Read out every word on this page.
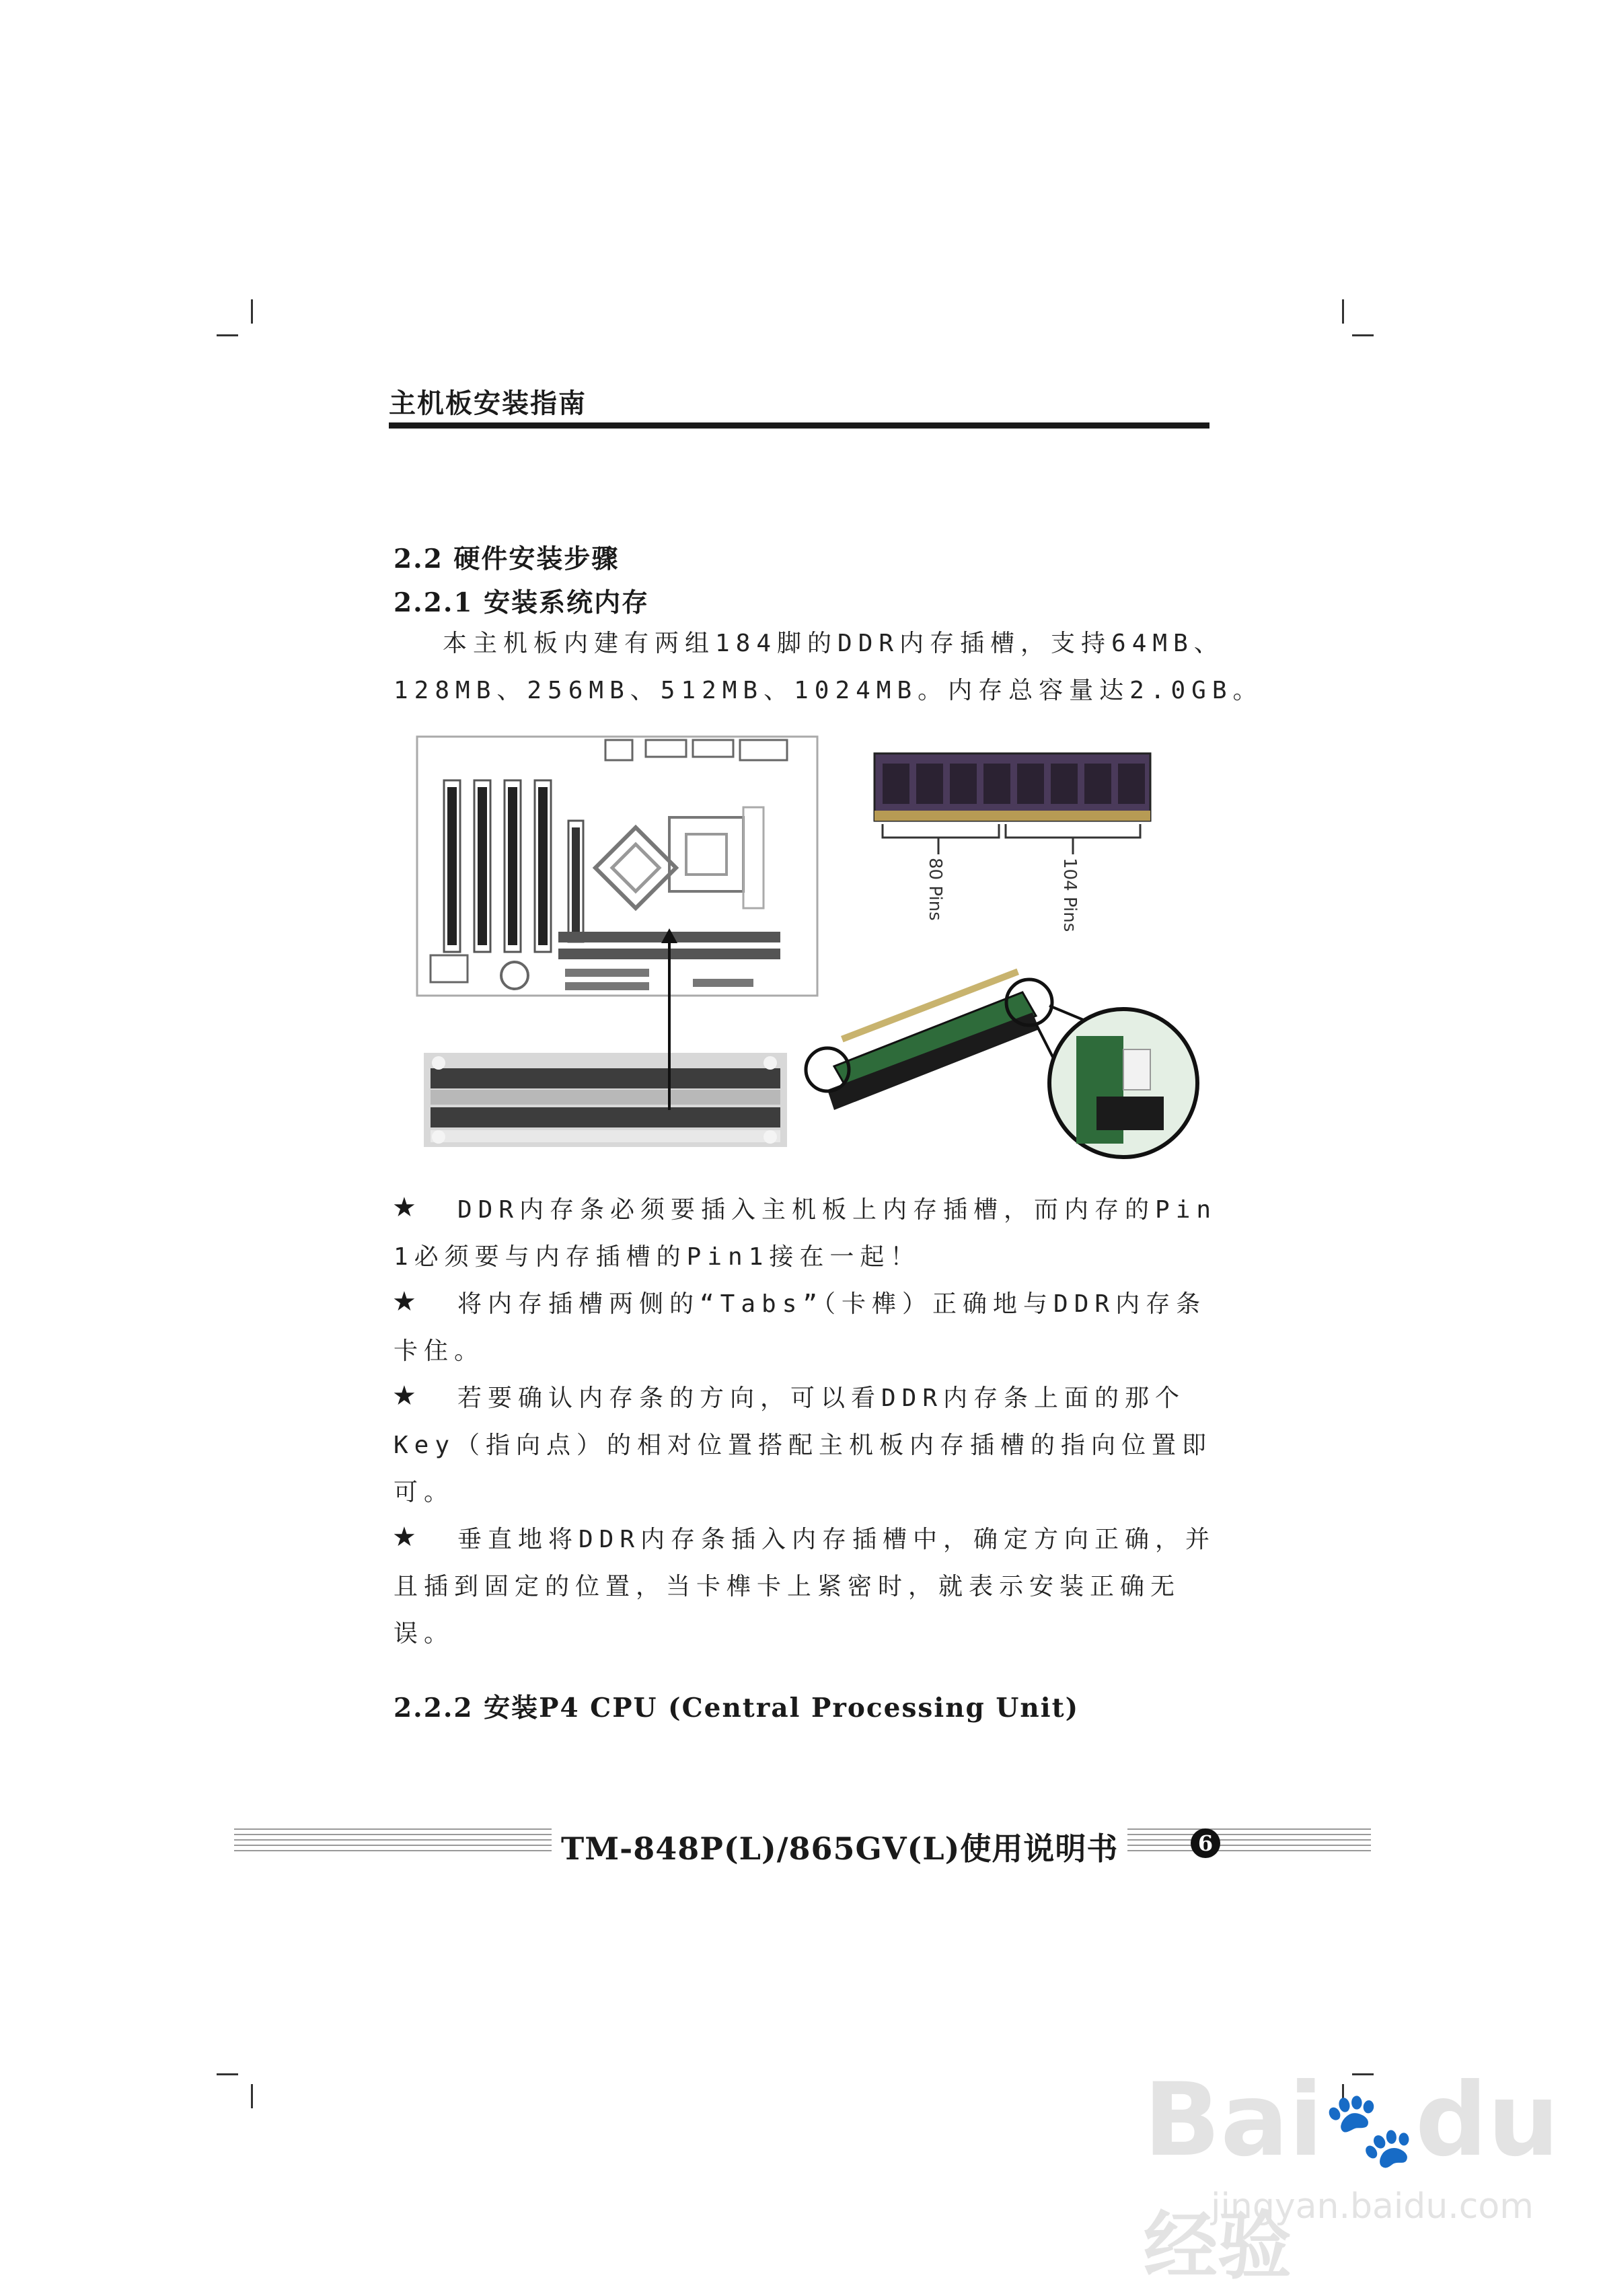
主机板安装指南
2.2 硬件安装步骤
2.2.1 安装系统内存
本主机板内建有两组184脚的DDR内存插槽，支持64MB、
128MB、256MB、512MB、1024MB。内存总容量达2.0GB。
80 Pins	104 Pins
★ DDR内存条必须要插入主机板上内存插槽，而内存的Pin
1必须要与内存插槽的Pin1接在一起！
★ 将内存插槽两侧的“Tabs”（卡榫）正确地与DDR内存条
卡住。
★ 若要确认内存条的方向，可以看DDR内存条上面的那个
Key（指向点）的相对位置搭配主机板内存插槽的指向位置即
可。
★ 垂直地将DDR内存条插入内存插槽中，确定方向正确，并
且插到固定的位置，当卡榫卡上紧密时，就表示安装正确无
误。
2.2.2 安装P4 CPU (Central Processing Unit)
TM-848P(L)/865GV(L)使用说明书	6
Bai🐾du经验
jingyan.baidu.com
